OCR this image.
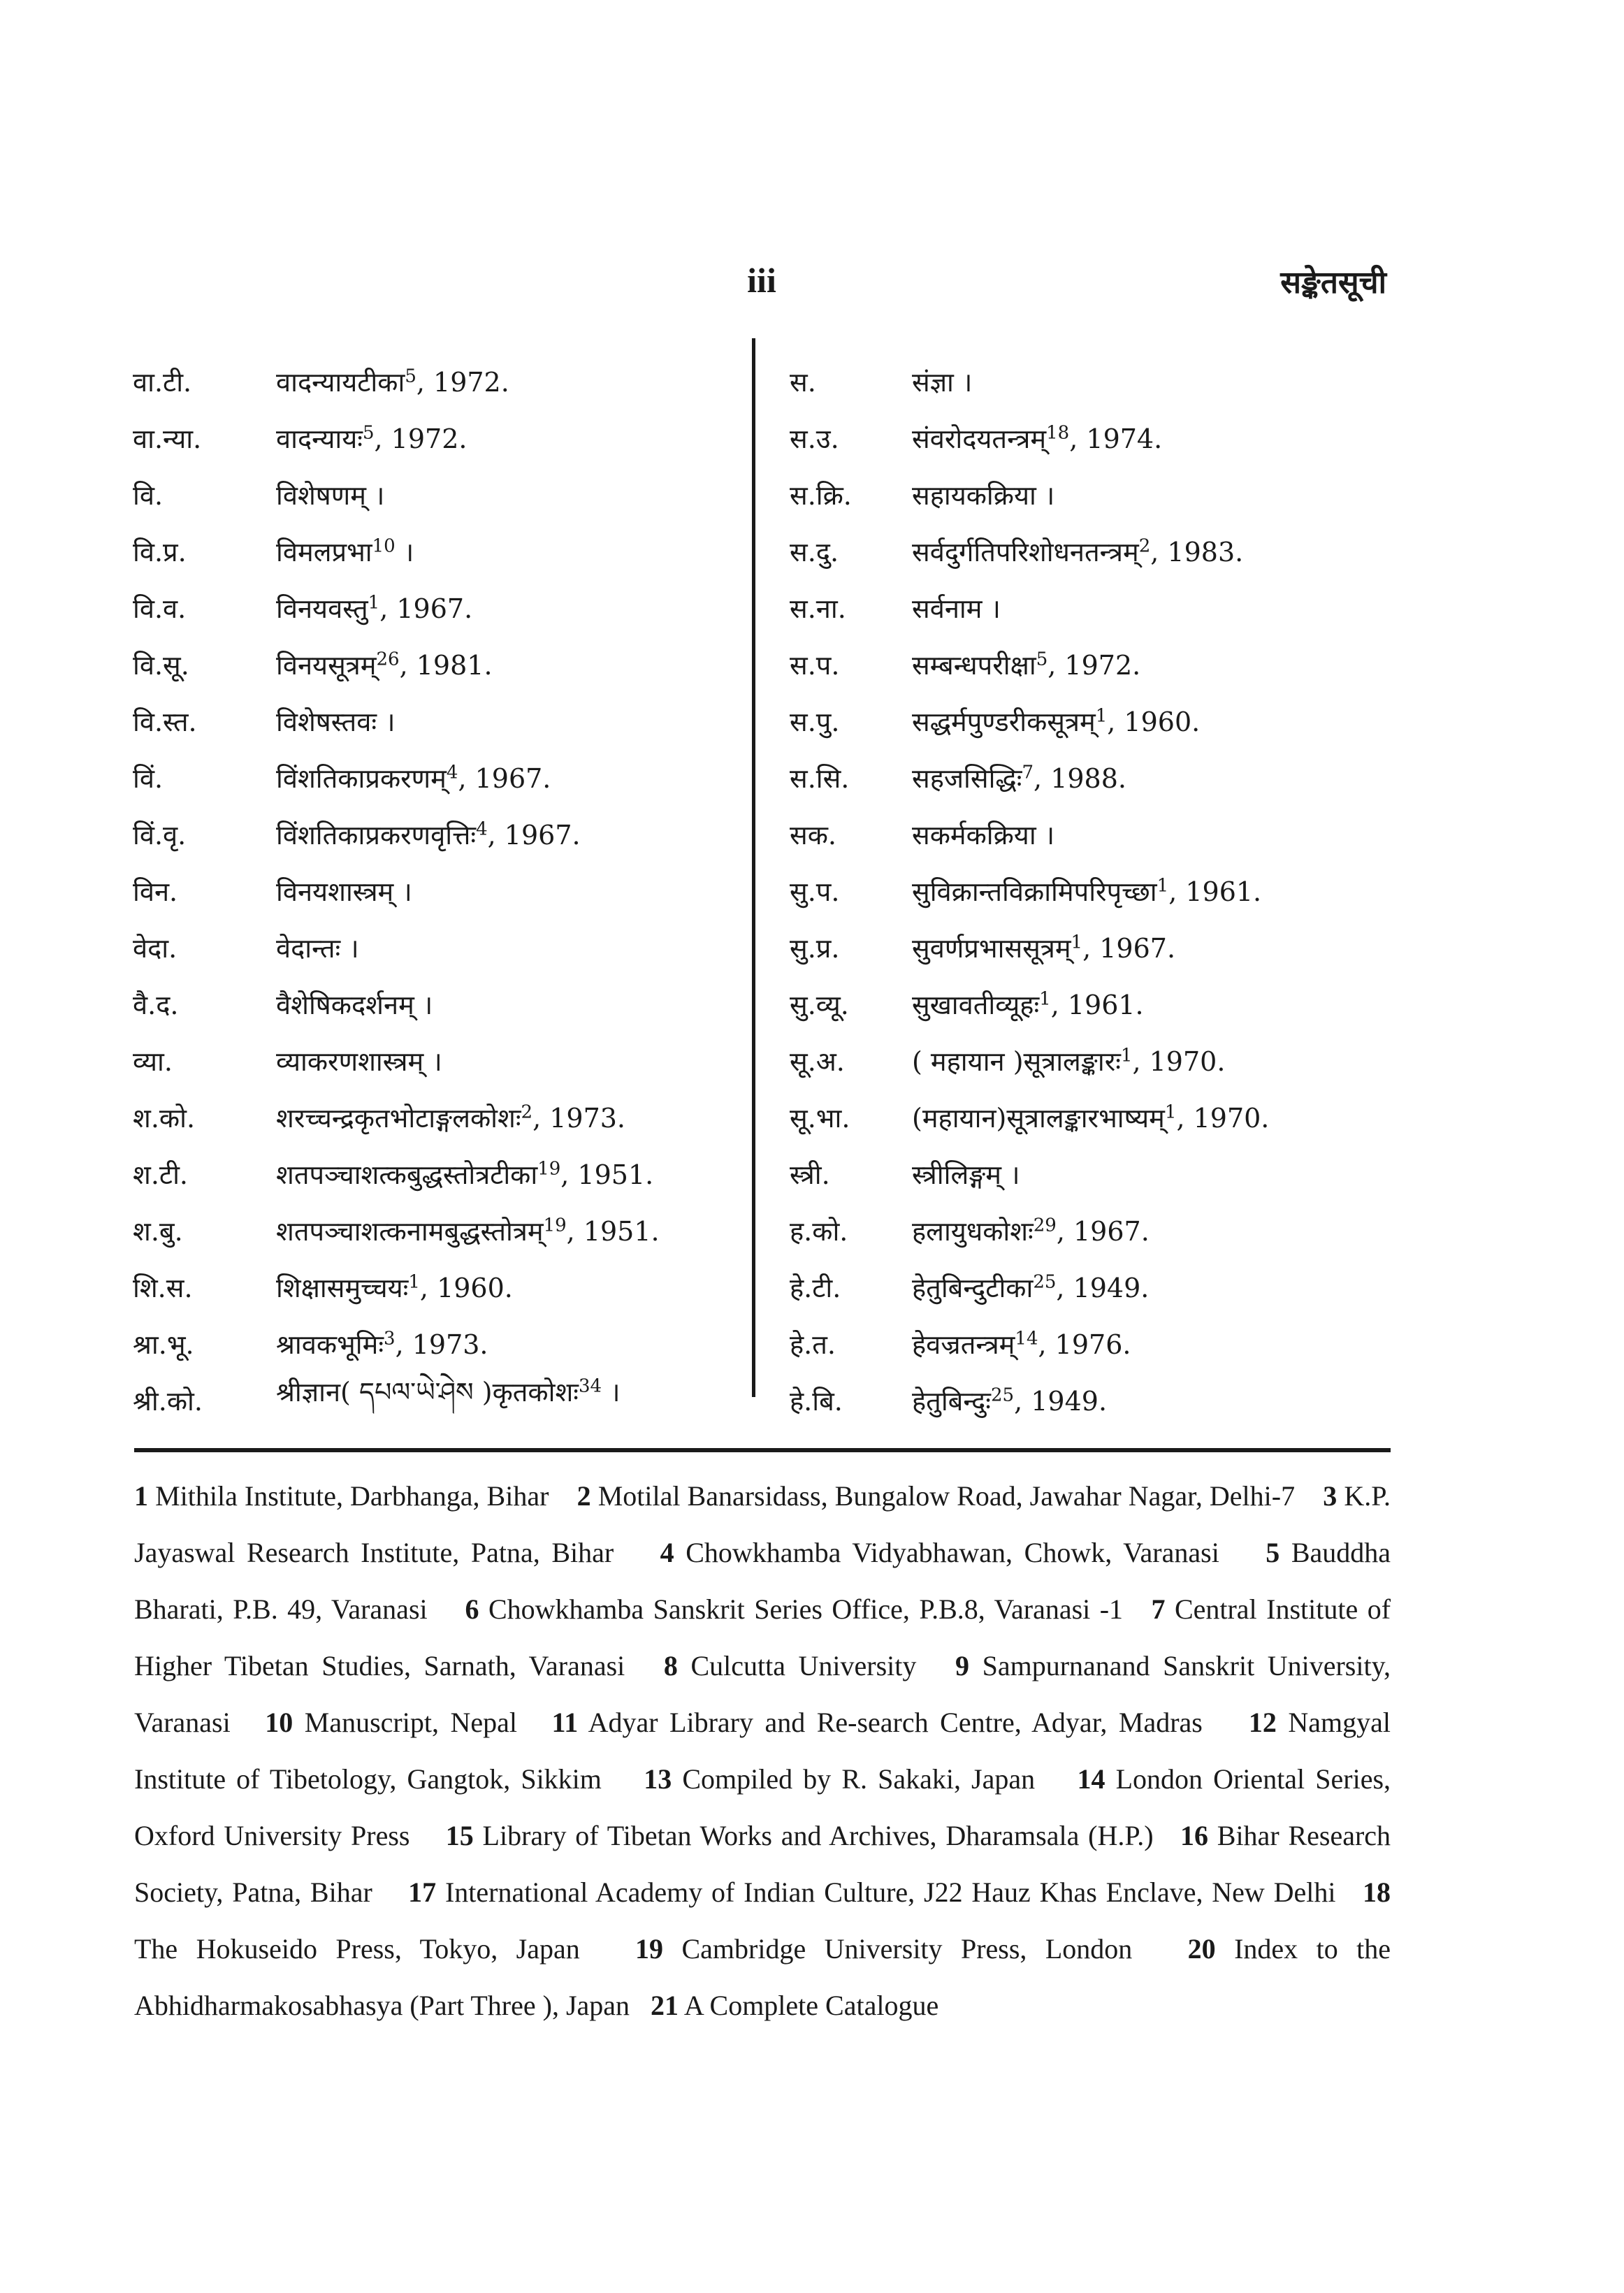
iii	सङ्केतसूची
वा.टी.	वादन्यायटीका$^5$, 1972.
वा.न्या.	वादन्यायः$^5$, 1972.
वि.	विशेषणम् ।
वि.प्र.	विमलप्रभा$^{10}$ ।
वि.व.	विनयवस्तु$^1$, 1967.
वि.सू.	विनयसूत्रम्$^{26}$, 1981.
वि.स्त.	विशेषस्तवः ।
विं.	विंशतिकाप्रकरणम्$^4$, 1967.
विं.वृ.	विंशतिकाप्रकरणवृत्तिः$^4$, 1967.
विन.	विनयशास्त्रम् ।
वेदा.	वेदान्तः ।
वै.द.	वैशेषिकदर्शनम् ।
व्या.	व्याकरणशास्त्रम् ।
श.को.	शरच्चन्द्रकृतभोटाङ्गलकोशः$^2$, 1973.
श.टी.	शतपञ्चाशत्कबुद्धस्तोत्रटीका$^{19}$, 1951.
श.बु.	शतपञ्चाशत्कनामबुद्धस्तोत्रम्$^{19}$, 1951.
शि.स.	शिक्षासमुच्चयः$^1$, 1960.
श्रा.भू.	श्रावकभूमिः$^3$, 1973.
श्री.को.	श्रीज्ञान( དཔལ་ཡེ་ཤེས )कृतकोशः$^{34}$ ।
स.	संज्ञा ।
स.उ.	संवरोदयतन्त्रम्$^{18}$, 1974.
स.क्रि.	सहायकक्रिया ।
स.दु.	सर्वदुर्गतिपरिशोधनतन्त्रम्$^2$, 1983.
स.ना.	सर्वनाम ।
स.प.	सम्बन्धपरीक्षा$^5$, 1972.
स.पु.	सद्धर्मपुण्डरीकसूत्रम्$^1$, 1960.
स.सि.	सहजसिद्धिः$^7$, 1988.
सक.	सकर्मकक्रिया ।
सु.प.	सुविक्रान्तविक्रामिपरिपृच्छा$^1$, 1961.
सु.प्र.	सुवर्णप्रभाससूत्रम्$^1$, 1967.
सु.व्यू.	सुखावतीव्यूहः$^1$, 1961.
सू.अ.	( महायान )सूत्रालङ्कारः$^1$, 1970.
सू.भा.	(महायान)सूत्रालङ्कारभाष्यम्$^1$, 1970.
स्त्री.	स्त्रीलिङ्गम् ।
ह.को.	हलायुधकोशः$^{29}$, 1967.
हे.टी.	हेतुबिन्दुटीका$^{25}$, 1949.
हे.त.	हेवज्रतन्त्रम्$^{14}$, 1976.
हे.बि.	हेतुबिन्दुः$^{25}$, 1949.
1 Mithila Institute, Darbhanga, Bihar 2 Motilal Banarsidass, Bungalow Road, Jawahar Nagar, Delhi-7 3 K.P. Jayaswal Research Institute, Patna, Bihar 4 Chowkhamba Vidyabhawan, Chowk, Varanasi 5 Bauddha Bharati, P.B. 49, Varanasi 6 Chowkhamba Sanskrit Series Office, P.B.8, Varanasi -1 7 Central Institute of Higher Tibetan Studies, Sarnath, Varanasi 8 Culcutta University 9 Sampurnanand Sanskrit University, Varanasi 10 Manuscript, Nepal 11 Adyar Library and Re-search Centre, Adyar, Madras 12 Namgyal Institute of Tibetology, Gangtok, Sikkim 13 Compiled by R. Sakaki, Japan 14 London Oriental Series, Oxford University Press 15 Library of Tibetan Works and Archives, Dharamsala (H.P.) 16 Bihar Research Society, Patna, Bihar 17 International Academy of Indian Culture, J22 Hauz Khas Enclave, New Delhi 18 The Hokuseido Press, Tokyo, Japan 19 Cambridge University Press, London 20 Index to the Abhidharmakosabhasya (Part Three ), Japan 21 A Complete Catalogue
